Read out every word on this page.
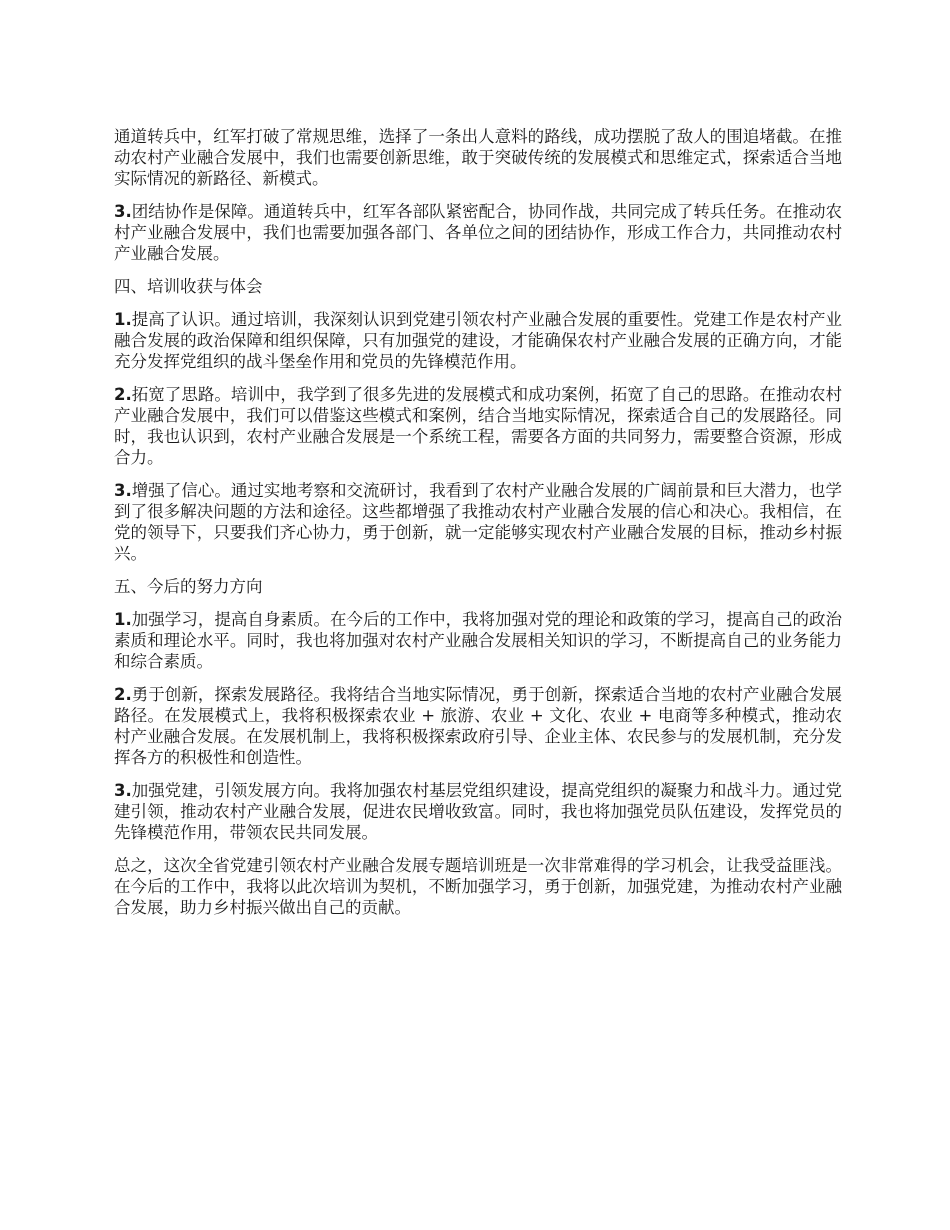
通道转兵中，红军打破了常规思维，选择了一条出人意料的路线，成功摆脱了敌人的围追堵截。在推动农村产业融合发展中，我们也需要创新思维，敢于突破传统的发展模式和思维定式，探索适合当地实际情况的新路径、新模式。

3.团结协作是保障。通道转兵中，红军各部队紧密配合，协同作战，共同完成了转兵任务。在推动农村产业融合发展中，我们也需要加强各部门、各单位之间的团结协作，形成工作合力，共同推动农村产业融合发展。

四、培训收获与体会

1.提高了认识。通过培训，我深刻认识到党建引领农村产业融合发展的重要性。党建工作是农村产业融合发展的政治保障和组织保障，只有加强党的建设，才能确保农村产业融合发展的正确方向，才能充分发挥党组织的战斗堡垒作用和党员的先锋模范作用。

2.拓宽了思路。培训中，我学到了很多先进的发展模式和成功案例，拓宽了自己的思路。在推动农村产业融合发展中，我们可以借鉴这些模式和案例，结合当地实际情况，探索适合自己的发展路径。同时，我也认识到，农村产业融合发展是一个系统工程，需要各方面的共同努力，需要整合资源，形成合力。

3.增强了信心。通过实地考察和交流研讨，我看到了农村产业融合发展的广阔前景和巨大潜力，也学到了很多解决问题的方法和途径。这些都增强了我推动农村产业融合发展的信心和决心。我相信，在党的领导下，只要我们齐心协力，勇于创新，就一定能够实现农村产业融合发展的目标，推动乡村振兴。

五、今后的努力方向

1.加强学习，提高自身素质。在今后的工作中，我将加强对党的理论和政策的学习，提高自己的政治素质和理论水平。同时，我也将加强对农村产业融合发展相关知识的学习，不断提高自己的业务能力和综合素质。

2.勇于创新，探索发展路径。我将结合当地实际情况，勇于创新，探索适合当地的农村产业融合发展路径。在发展模式上，我将积极探索农业 + 旅游、农业 + 文化、农业 + 电商等多种模式，推动农村产业融合发展。在发展机制上，我将积极探索政府引导、企业主体、农民参与的发展机制，充分发挥各方的积极性和创造性。

3.加强党建，引领发展方向。我将加强农村基层党组织建设，提高党组织的凝聚力和战斗力。通过党建引领，推动农村产业融合发展，促进农民增收致富。同时，我也将加强党员队伍建设，发挥党员的先锋模范作用，带领农民共同发展。

总之，这次全省党建引领农村产业融合发展专题培训班是一次非常难得的学习机会，让我受益匪浅。在今后的工作中，我将以此次培训为契机，不断加强学习，勇于创新，加强党建，为推动农村产业融合发展，助力乡村振兴做出自己的贡献。
